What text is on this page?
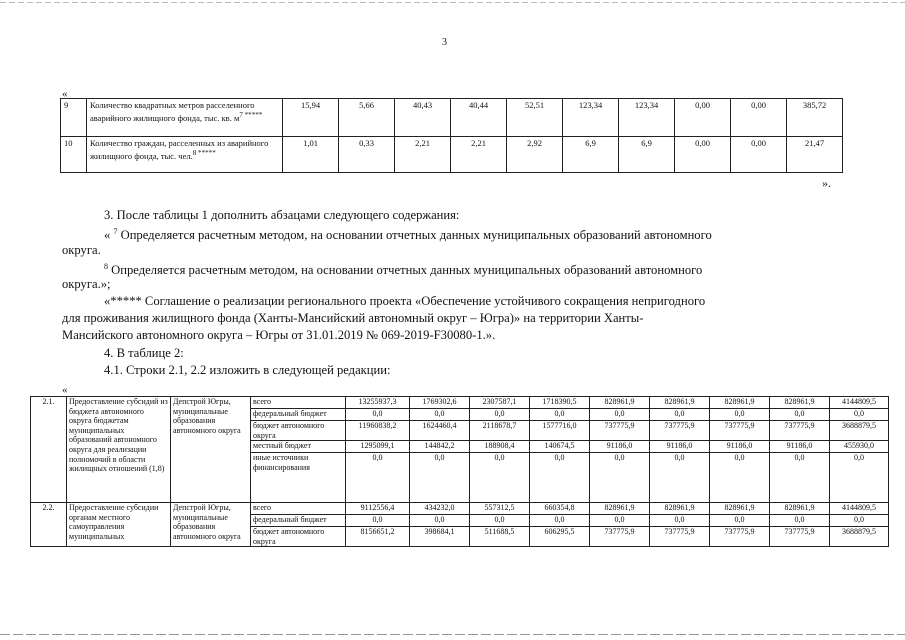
3
«
9	Количество квадратных метров расселенного аварийного жилищного фонда, тыс. кв. $м^{7 *****}$	15,94	5,66	40,43	40,44	52,51	123,34	123,34	0,00	0,00	385,72
10	Количество граждан, расселенных из аварийного жилищного фонда, тыс. чел.$^{8 *****}$	1,01	0,33	2,21	2,21	2,92	6,9	6,9	0,00	0,00	21,47
».
3. После таблицы 1 дополнить абзацами следующего содержания:
« $^7$ Определяется расчетным методом, на основании отчетных данных муниципальных образований автономного
округа.
$^8$ Определяется расчетным методом, на основании отчетных данных муниципальных образований автономного
округа.»;
«***** Соглашение о реализации регионального проекта «Обеспечение устойчивого сокращения непригодного
для проживания жилищного фонда (Ханты-Мансийский автономный округ – Югра)» на территории Ханты-
Мансийского автономного округа – Югры от 31.01.2019 № 069-2019-F30080-1.».
4. В таблице 2:
4.1. Строки 2.1, 2.2 изложить в следующей редакции:
«
2.1.	Предоставление субсидий из бюджета автономного округа бюджетам муниципальных образований автономного округа для реализации полномочий в области жилищных отношений (1,8)	Депстрой Югры, муниципальные образования автономного округа	всего	13255937,3	1769302,6	2307587,1	1718390,5	828961,9	828961,9	828961,9	828961,9	4144809,5
			федеральный бюджет	0,0	0,0	0,0	0,0	0,0	0,0	0,0	0,0	0,0
			бюджет автономного округа	11960838,2	1624460,4	2118678,7	1577716,0	737775,9	737775,9	737775,9	737775,9	3688879,5
			местный бюджет	1295099,1	144842,2	188908,4	140674,5	91186,0	91186,0	91186,0	91186,0	455930,0
			иные источники финансирования	0,0	0,0	0,0	0,0	0,0	0,0	0,0	0,0	0,0
2.2.	Предоставление субсидии органам местного самоуправления муниципальных	Депстрой Югры, муниципальные образования автономного округа	всего	9112556,4	434232,0	557312,5	660354,8	828961,9	828961,9	828961,9	828961,9	4144809,5
			федеральный бюджет	0,0	0,0	0,0	0,0	0,0	0,0	0,0	0,0	0,0
			бюджет автономного округа	8156651,2	398684,1	511688,5	606295,5	737775,9	737775,9	737775,9	737775,9	3688879,5
